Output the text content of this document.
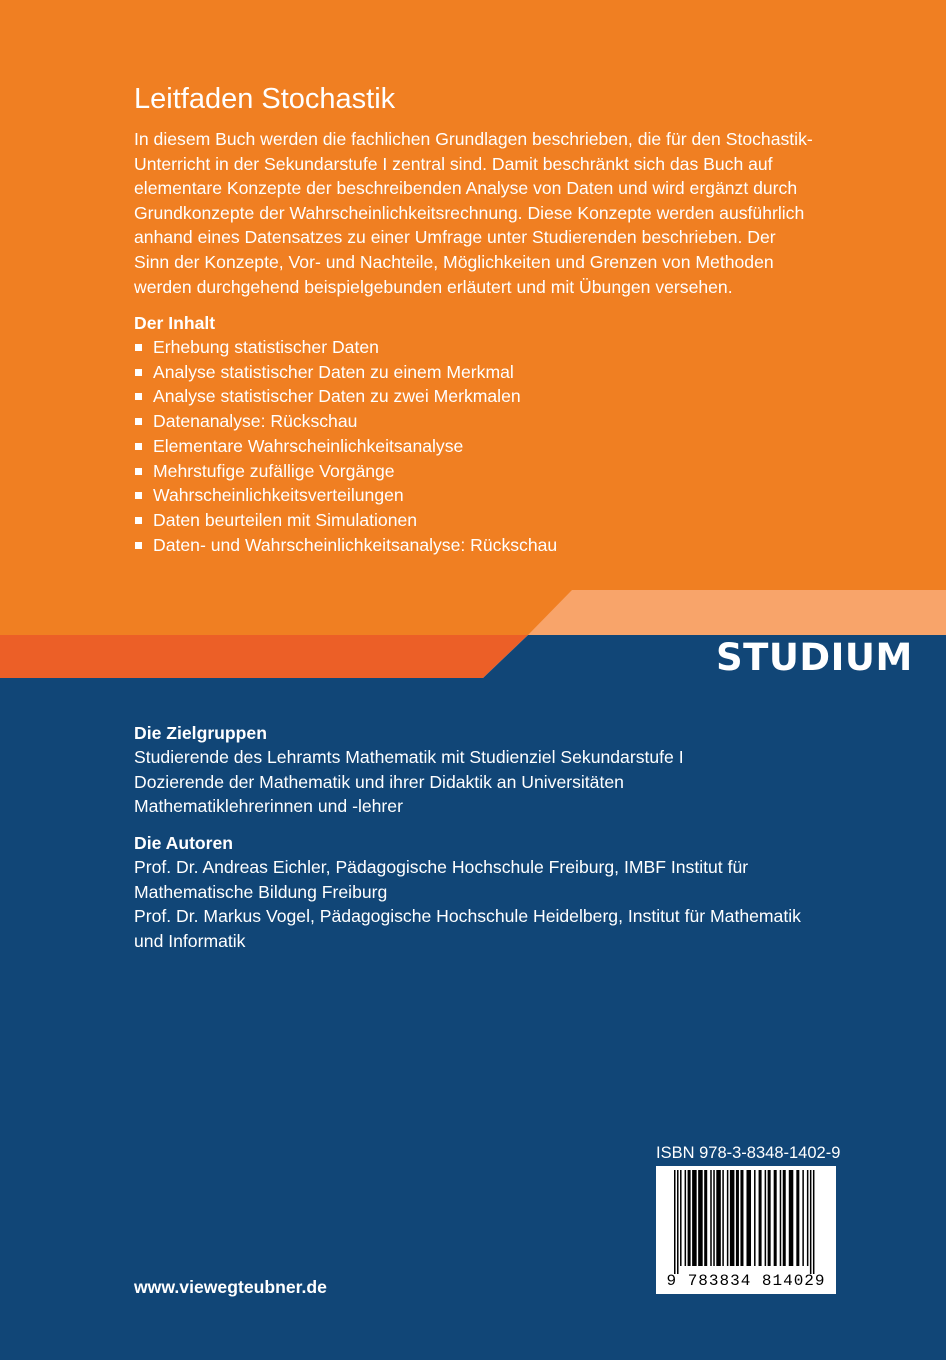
STUDIUM

Leitfaden Stochastik
In diesem Buch werden die fachlichen Grundlagen beschrieben, die für den Stochastik-
Unterricht in der Sekundarstufe I zentral sind. Damit beschränkt sich das Buch auf
elementare Konzepte der beschreibenden Analyse von Daten und wird ergänzt durch
Grundkonzepte der Wahrscheinlichkeitsrechnung. Diese Konzepte werden ausführlich
anhand eines Datensatzes zu einer Umfrage unter Studierenden beschrieben. Der
Sinn der Konzepte, Vor- und Nachteile, Möglichkeiten und Grenzen von Methoden
werden durchgehend beispielgebunden erläutert und mit Übungen versehen.
Der Inhalt
Erhebung statistischer Daten
Analyse statistischer Daten zu einem Merkmal
Analyse statistischer Daten zu zwei Merkmalen
Datenanalyse: Rückschau
Elementare Wahrscheinlichkeitsanalyse
Mehrstufige zufällige Vorgänge
Wahrscheinlichkeitsverteilungen
Daten beurteilen mit Simulationen
Daten- und Wahrscheinlichkeitsanalyse: Rückschau
Die Zielgruppen
Studierende des Lehramts Mathematik mit Studienziel Sekundarstufe I
Dozierende der Mathematik und ihrer Didaktik an Universitäten
Mathematiklehrerinnen und -lehrer
Die Autoren
Prof. Dr. Andreas Eichler, Pädagogische Hochschule Freiburg, IMBF Institut für
Mathematische Bildung Freiburg
Prof. Dr. Markus Vogel, Pädagogische Hochschule Heidelberg, Institut für Mathematik
und Informatik

ISBN 978-3-8348-1402-9

9 783834 814029

www.viewegteubner.de
